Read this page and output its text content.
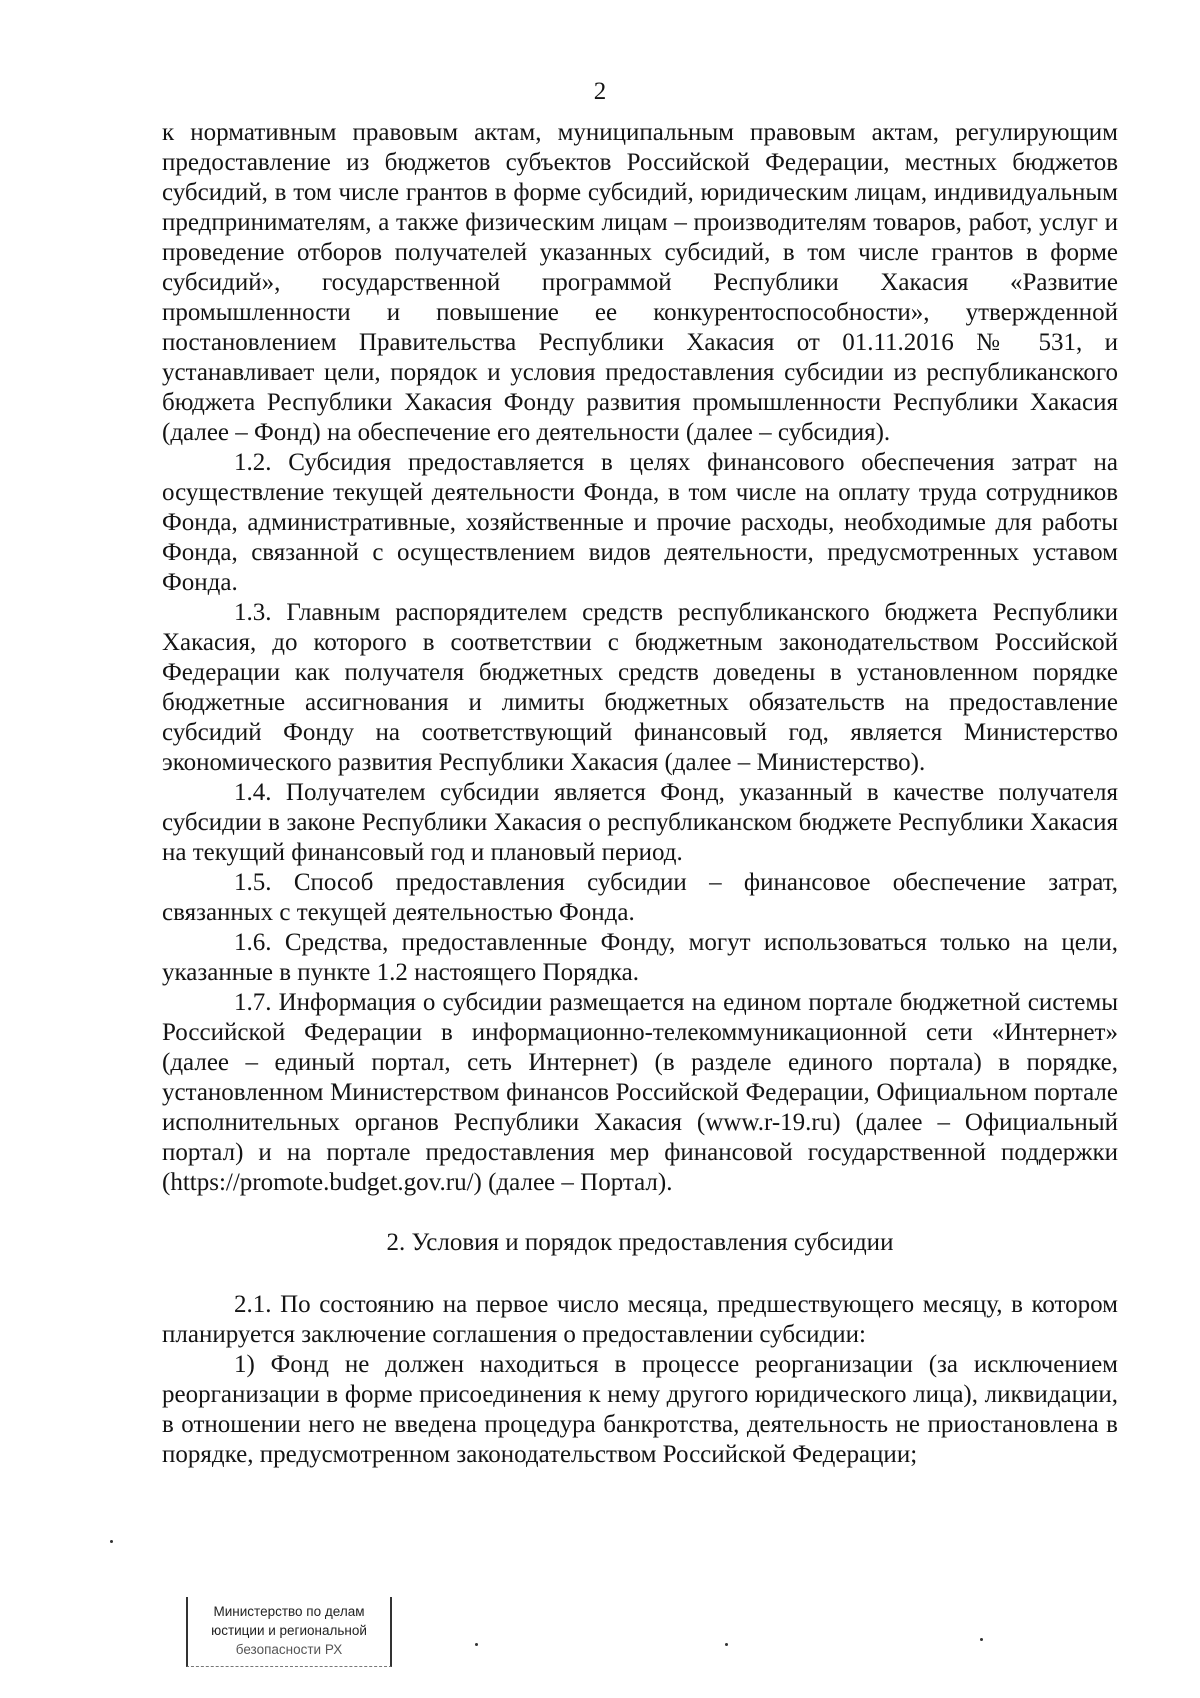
2

к нормативным правовым актам, муниципальным правовым актам, регулирующим предоставление из бюджетов субъектов Российской Федерации, местных бюджетов субсидий, в том числе грантов в форме субсидий, юридическим лицам, индивидуальным предпринимателям, а также физическим лицам – производителям товаров, работ, услуг и проведение отборов получателей указанных субсидий, в том числе грантов в форме субсидий», государственной программой Республики Хакасия «Развитие промышленности и повышение ее конкурентоспособности», утвержденной постановлением Правительства Республики Хакасия от 01.11.2016 № 531, и устанавливает цели, порядок и условия предоставления субсидии из республиканского бюджета Республики Хакасия Фонду развития промышленности Республики Хакасия (далее – Фонд) на обеспечение его деятельности (далее – субсидия).

1.2. Субсидия предоставляется в целях финансового обеспечения затрат на осуществление текущей деятельности Фонда, в том числе на оплату труда сотрудников Фонда, административные, хозяйственные и прочие расходы, необходимые для работы Фонда, связанной с осуществлением видов деятельности, предусмотренных уставом Фонда.

1.3. Главным распорядителем средств республиканского бюджета Республики Хакасия, до которого в соответствии с бюджетным законодательством Российской Федерации как получателя бюджетных средств доведены в установленном порядке бюджетные ассигнования и лимиты бюджетных обязательств на предоставление субсидий Фонду на соответствующий финансовый год, является Министерство экономического развития Республики Хакасия (далее – Министерство).

1.4. Получателем субсидии является Фонд, указанный в качестве получателя субсидии в законе Республики Хакасия о республиканском бюджете Республики Хакасия на текущий финансовый год и плановый период.

1.5. Способ предоставления субсидии – финансовое обеспечение затрат, связанных с текущей деятельностью Фонда.

1.6. Средства, предоставленные Фонду, могут использоваться только на цели, указанные в пункте 1.2 настоящего Порядка.

1.7. Информация о субсидии размещается на едином портале бюджетной системы Российской Федерации в информационно-телекоммуникационной сети «Интернет» (далее – единый портал, сеть Интернет) (в разделе единого портала) в порядке, установленном Министерством финансов Российской Федерации, Официальном портале исполнительных органов Республики Хакасия (www.r-19.ru) (далее – Официальный портал) и на портале предоставления мер финансовой государственной поддержки (https://promote.budget.gov.ru/) (далее – Портал).

2. Условия и порядок предоставления субсидии

2.1. По состоянию на первое число месяца, предшествующего месяцу, в котором планируется заключение соглашения о предоставлении субсидии:

1) Фонд не должен находиться в процессе реорганизации (за исключением реорганизации в форме присоединения к нему другого юридического лица), ликвидации, в отношении него не введена процедура банкротства, деятельность не приостановлена в порядке, предусмотренном законодательством Российской Федерации;

Министерство по делам
юстиции и региональной
безопасности РХ
